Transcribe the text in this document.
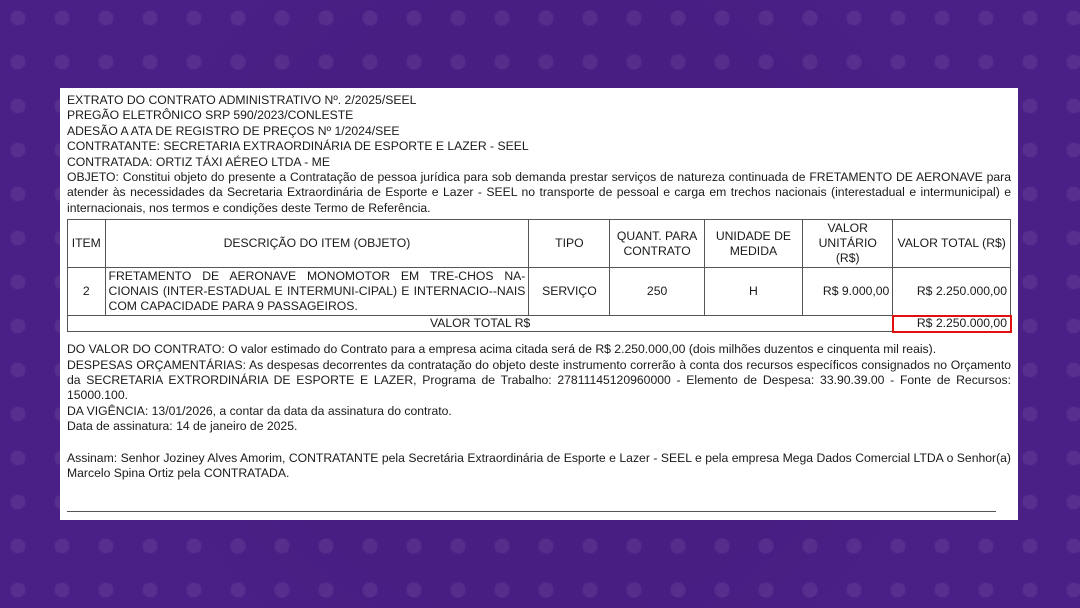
EXTRATO DO CONTRATO ADMINISTRATIVO Nº. 2/2025/SEEL
PREGÃO ELETRÔNICO SRP 590/2023/CONLESTE
ADESÃO A ATA DE REGISTRO DE PREÇOS Nº 1/2024/SEE
CONTRATANTE: SECRETARIA EXTRAORDINÁRIA DE ESPORTE E LAZER - SEEL
CONTRATADA: ORTIZ TÁXI AÉREO LTDA - ME
OBJETO: Constitui objeto do presente a Contratação de pessoa jurídica para sob demanda prestar serviços de natureza continuada de FRETAMENTO DE AERONAVE para atender às necessidades da Secretaria Extraordinária de Esporte e Lazer - SEEL no transporte de pessoal e carga em trechos nacionais (interestadual e intermunicipal) e internacionais, nos termos e condições deste Termo de Referência.
ITEM	DESCRIÇÃO DO ITEM (OBJETO)	TIPO	QUANT. PARA CONTRATO	UNIDADE DE MEDIDA	VALOR UNITÁRIO (R$)	VALOR TOTAL (R$)
2	FRETAMENTO DE AERONAVE MONOMOTOR EM TRE-CHOS NA-CIONAIS (INTER-ESTADUAL E INTERMUNI-CIPAL) E INTERNACIO--NAIS COM CAPACIDADE PARA 9 PASSAGEIROS.	SERVIÇO	250	H	R$ 9.000,00	R$ 2.250.000,00
VALOR TOTAL R$						R$ 2.250.000,00
DO VALOR DO CONTRATO: O valor estimado do Contrato para a empresa acima citada será de R$ 2.250.000,00 (dois milhões duzentos e cinquenta mil reais).
DESPESAS ORÇAMENTÁRIAS: As despesas decorrentes da contratação do objeto deste instrumento correrão à conta dos recursos específicos consignados no Orçamento da SECRETARIA EXTRORDINÁRIA DE ESPORTE E LAZER, Programa de Trabalho: 27811145120960000 - Elemento de Despesa: 33.90.39.00 - Fonte de Recursos: 15000.100.
DA VIGÊNCIA: 13/01/2026, a contar da data da assinatura do contrato.
Data de assinatura: 14 de janeiro de 2025.
Assinam: Senhor Joziney Alves Amorim, CONTRATANTE pela Secretária Extraordinária de Esporte e Lazer - SEEL e pela empresa Mega Dados Comercial LTDA o Senhor(a) Marcelo Spina Ortiz pela CONTRATADA.
